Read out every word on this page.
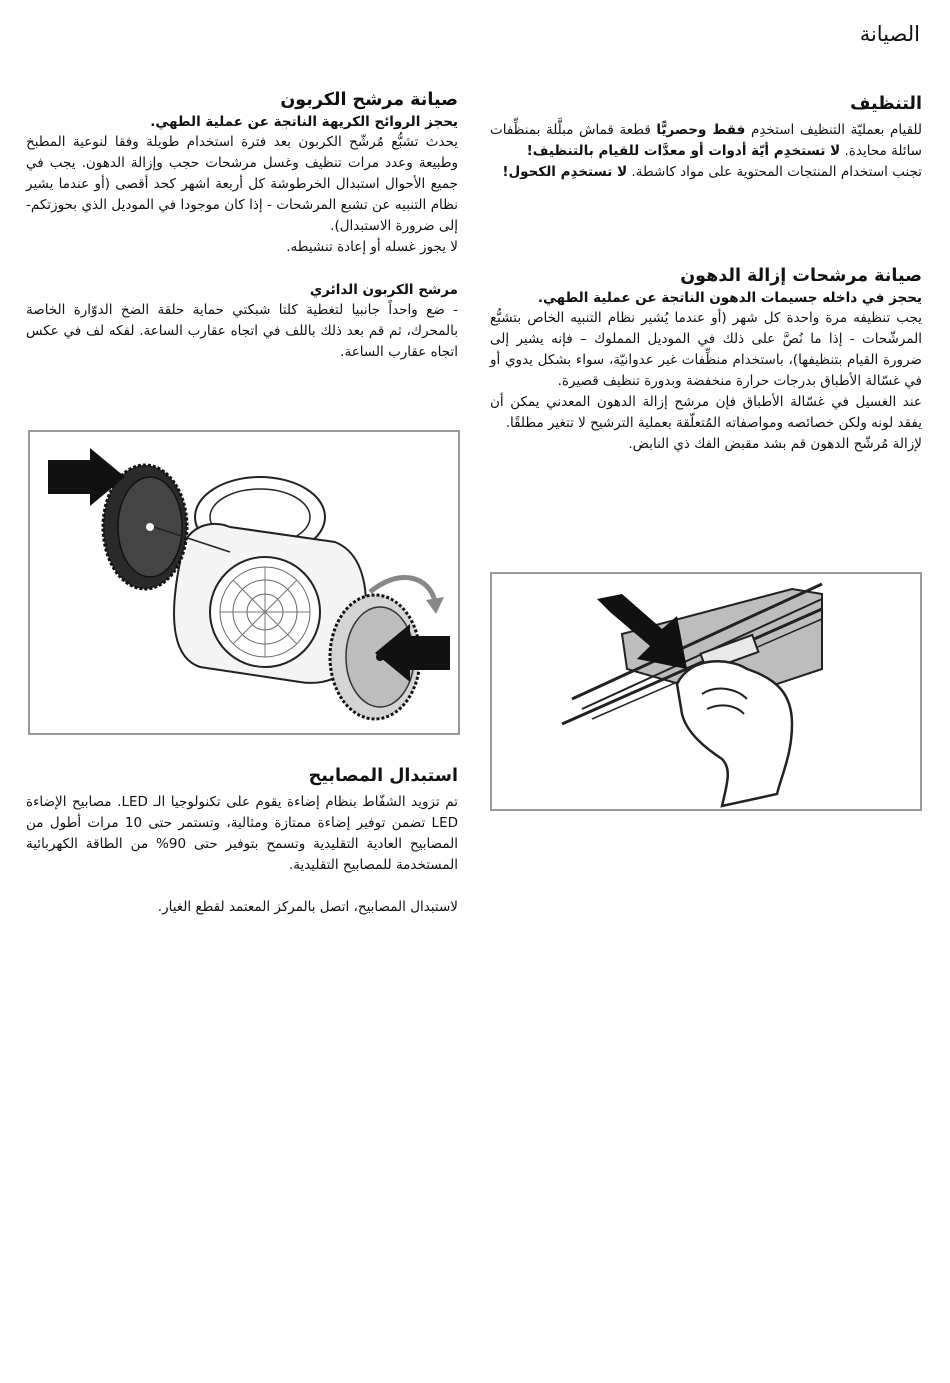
الصيانة
التنظيف

للقيام بعمليّة التنظيف استخدِم فقط وحصريًّا قطعة قماش مبلَّلة بمنظِّفات سائلة محايدة. لا تستخدِم أيّة أدوات أو معدَّات للقيام بالتنظيف!

تجنب استخدام المنتجات المحتوية على مواد كاشطة. لا تستخدِم الكحول!

صيانة مرشحات إزالة الدهون
يحجز في داخله جسيمات الدهون الناتجة عن عملية الطهي.

يجب تنظيفه مرة واحدة كل شهر (أو عندما يُشير نظام التنبيه الخاص بتشبُّع المرشّحات - إذا ما نُصَّ على ذلك في الموديل المملوك – فإنه يشير إلى ضرورة القيام بتنظيفها)، باستخدام منظِّفات غير عدوانيّة، سواء بشكل يدوي أو في غسّالة الأطباق بدرجات حرارة منخفضة وبدورة تنظيف قصيرة.

عند الغسيل في غسّالة الأطباق فإن مرشح إزالة الدهون المعدني يمكن أن يفقد لونه ولكن خصائصه ومواصفاته المُتعلّقة بعملية الترشيح لا تتغير مطلقًا.

لإزالة مُرشّح الدهون قم بشد مقبض الفك ذي النابض.

صيانة مرشح الكربون
يحجز الروائح الكريهة الناتجة عن عملية الطهي.

يحدث تشبُّع مُرشّح الكربون بعد فترة استخدام طويلة وفقا لنوعية المطبخ وطبيعة وعدد مرات تنظيف وغسل مرشحات حجب وإزالة الدهون. يجب في جميع الأحوال استبدال الخرطوشة كل أربعة اشهر كحد أقصى (أو عندما يشير نظام التنبيه عن تشبع المرشحات - إذا كان موجودا في الموديل الذي بحوزتكم- إلى ضرورة الاستبدال).

لا يجوز غسله أو إعادة تنشيطه.

مرشح الكربون الدائري

- ضع واحداً جانبيا لتغطية كلتا شبكتي حماية حلقة الضخ الدوّارة الخاصة بالمحرك، ثم قم بعد ذلك باللف في اتجاه عقارب الساعة. لفكه لف في عكس اتجاه عقارب الساعة.

استبدال المصابيح

تم تزويد الشفّاط بنظام إضاءة يقوم على تكنولوجيا الـ LED. مصابيح الإضاءة LED تضمن توفير إضاءة ممتازة ومثالية، وتستمر حتى 10 مرات أطول من المصابيح العادية التقليدية وتسمح بتوفير حتى 90% من الطاقة الكهربائية المستخدمة للمصابيح التقليدية.

لاستبدال المصابيح، اتصل بالمركز المعتمد لقطع الغيار.
